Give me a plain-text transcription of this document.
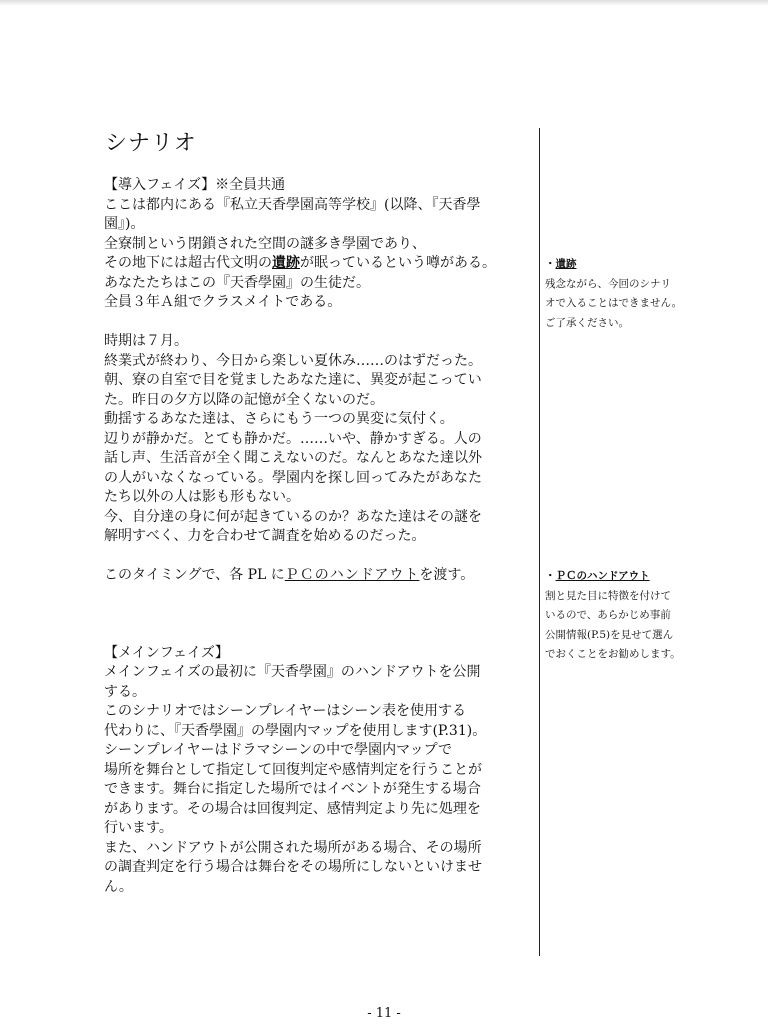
シナリオ
【導入フェイズ】※全員共通
ここは都内にある『私立天香學園高等学校』(以降、『天香學
園』)。
全寮制という閉鎖された空間の謎多き學園であり、
その地下には超古代文明の遺跡が眠っているという噂がある。
あなたたちはこの『天香學園』の生徒だ。
全員３年Ａ組でクラスメイトである。
時期は７月。
終業式が終わり、今日から楽しい夏休み……のはずだった。
朝、寮の自室で目を覚ましたあなた達に、異変が起こってい
た。昨日の夕方以降の記憶が全くないのだ。
動揺するあなた達は、さらにもう一つの異変に気付く。
辺りが静かだ。とても静かだ。……いや、静かすぎる。人の
話し声、生活音が全く聞こえないのだ。なんとあなた達以外
の人がいなくなっている。學園内を探し回ってみたがあなた
たち以外の人は影も形もない。
今、自分達の身に何が起きているのか？あなた達はその謎を
解明すべく、力を合わせて調査を始めるのだった。
このタイミングで、各 PL にＰＣのハンドアウトを渡す。
【メインフェイズ】
メインフェイズの最初に『天香學園』のハンドアウトを公開
する。
このシナリオではシーンプレイヤーはシーン表を使用する
代わりに、『天香學園』の學園内マップを使用します(P.31)。
シーンプレイヤーはドラマシーンの中で學園内マップで
場所を舞台として指定して回復判定や感情判定を行うことが
できます。舞台に指定した場所ではイベントが発生する場合
があります。その場合は回復判定、感情判定より先に処理を
行います。
また、ハンドアウトが公開された場所がある場合、その場所
の調査判定を行う場合は舞台をその場所にしないといけませ
ん。
・遺跡
残念ながら、今回のシナリ
オで入ることはできません。
ご了承ください。
・ＰＣのハンドアウト
割と見た目に特徴を付けて
いるので、あらかじめ事前
公開情報(P.5)を見せて選ん
でおくことをお勧めします。
- 11 -
